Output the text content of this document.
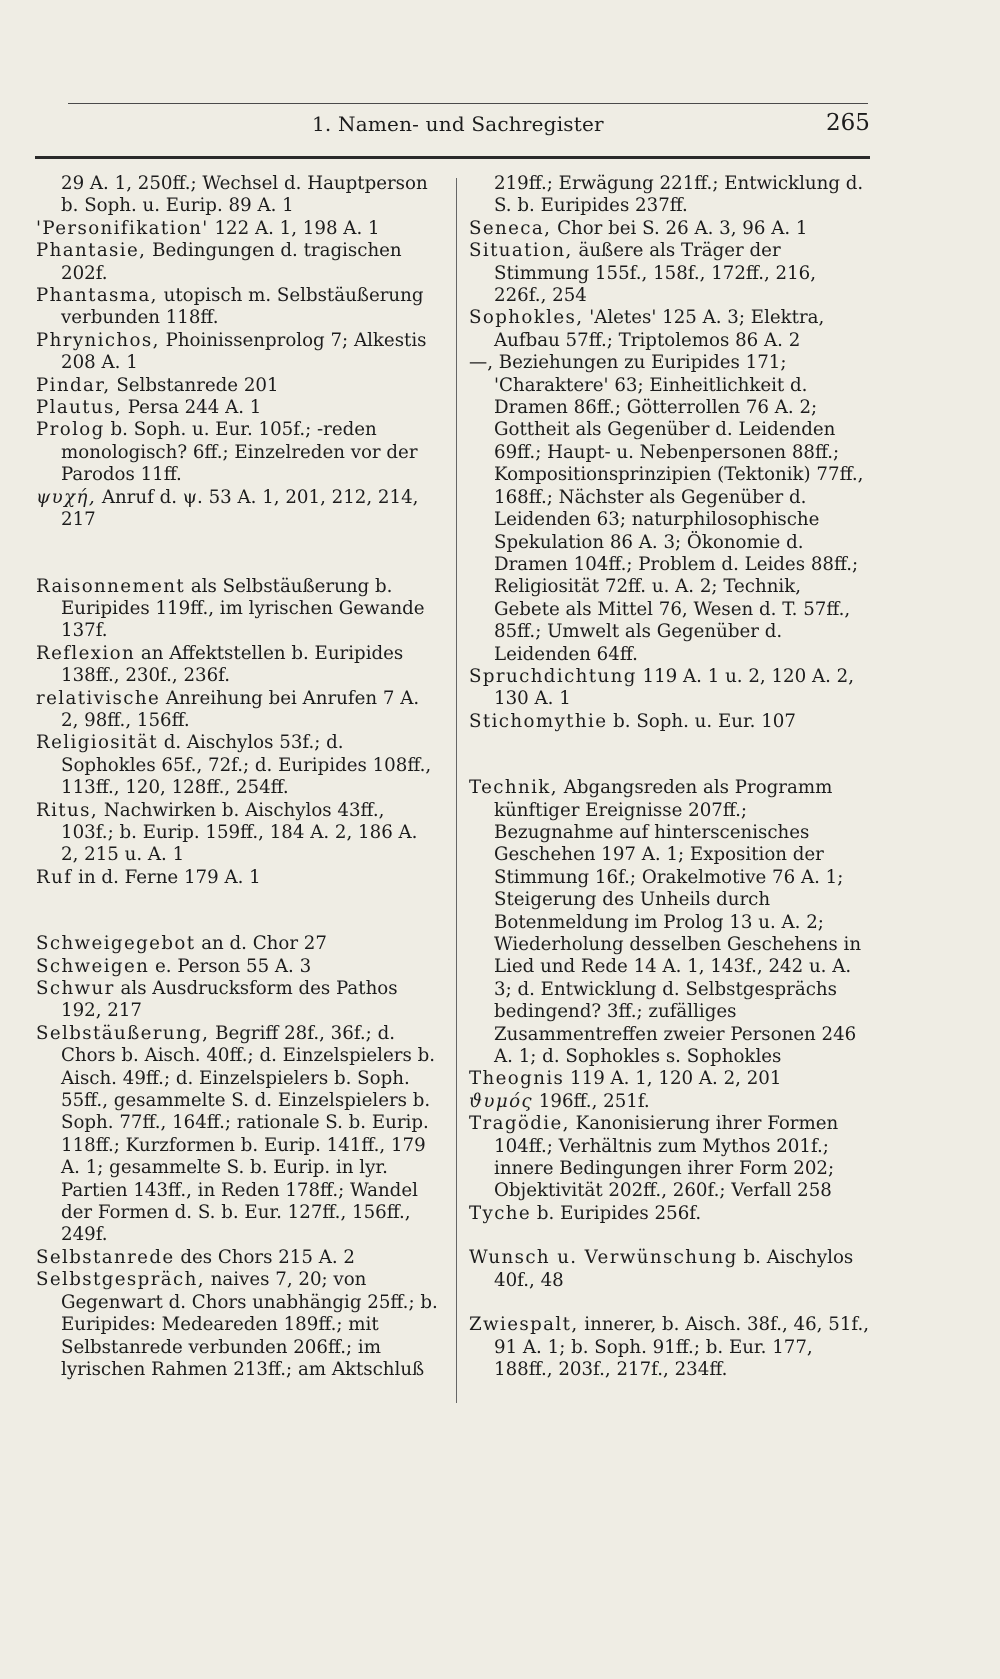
1. Namen- und Sachregister	265
29 A. 1, 250ff.; Wechsel d. Hauptperson b. Soph. u. Eurip. 89 A. 1
'Personifikation' 122 A. 1, 198 A. 1
Phantasie, Bedingungen d. tragischen 202f.
Phantasma, utopisch m. Selbstäußerung verbunden 118ff.
Phrynichos, Phoinissenprolog 7; Alkestis 208 A. 1
Pindar, Selbstanrede 201
Plautus, Persa 244 A. 1
Prolog b. Soph. u. Eur. 105f.; -reden monologisch? 6ff.; Einzelreden vor der Parodos 11ff.
ψυχή, Anruf d. ψ. 53 A. 1, 201, 212, 214, 217
Raisonnement als Selbstäußerung b. Euripides 119ff., im lyrischen Gewande 137f.
Reflexion an Affektstellen b. Euripides 138ff., 230f., 236f.
relativische Anreihung bei Anrufen 7 A. 2, 98ff., 156ff.
Religiosität d. Aischylos 53f.; d. Sophokles 65f., 72f.; d. Euripides 108ff., 113ff., 120, 128ff., 254ff.
Ritus, Nachwirken b. Aischylos 43ff., 103f.; b. Eurip. 159ff., 184 A. 2, 186 A. 2, 215 u. A. 1
Ruf in d. Ferne 179 A. 1
Schweigegebot an d. Chor 27
Schweigen e. Person 55 A. 3
Schwur als Ausdrucksform des Pathos 192, 217
Selbstäußerung, Begriff 28f., 36f.; d. Chors b. Aisch. 40ff.; d. Einzelspielers b. Aisch. 49ff.; d. Einzelspielers b. Soph. 55ff., gesammelte S. d. Einzelspielers b. Soph. 77ff., 164ff.; rationale S. b. Eurip. 118ff.; Kurzformen b. Eurip. 141ff., 179 A. 1; gesammelte S. b. Eurip. in lyr. Partien 143ff., in Reden 178ff.; Wandel der Formen d. S. b. Eur. 127ff., 156ff., 249f.
Selbstanrede des Chors 215 A. 2
Selbstgespräch, naives 7, 20; von Gegenwart d. Chors unabhängig 25ff.; b. Euripides: Medeareden 189ff.; mit Selbstanrede verbunden 206ff.; im lyrischen Rahmen 213ff.; am Aktschluß
219ff.; Erwägung 221ff.; Entwicklung d. S. b. Euripides 237ff.
Seneca, Chor bei S. 26 A. 3, 96 A. 1
Situation, äußere als Träger der Stimmung 155f., 158f., 172ff., 216, 226f., 254
Sophokles, 'Aletes' 125 A. 3; Elektra, Aufbau 57ff.; Triptolemos 86 A. 2
—, Beziehungen zu Euripides 171; 'Charaktere' 63; Einheitlichkeit d. Dramen 86ff.; Götterrollen 76 A. 2; Gottheit als Gegenüber d. Leidenden 69ff.; Haupt- u. Nebenpersonen 88ff.; Kompositionsprinzipien (Tektonik) 77ff., 168ff.; Nächster als Gegenüber d. Leidenden 63; naturphilosophische Spekulation 86 A. 3; Ökonomie d. Dramen 104ff.; Problem d. Leides 88ff.; Religiosität 72ff. u. A. 2; Technik, Gebete als Mittel 76, Wesen d. T. 57ff., 85ff.; Umwelt als Gegenüber d. Leidenden 64ff.
Spruchdichtung 119 A. 1 u. 2, 120 A. 2, 130 A. 1
Stichomythie b. Soph. u. Eur. 107
Technik, Abgangsreden als Programm künftiger Ereignisse 207ff.; Bezugnahme auf hinterscenisches Geschehen 197 A. 1; Exposition der Stimmung 16f.; Orakelmotive 76 A. 1; Steigerung des Unheils durch Botenmeldung im Prolog 13 u. A. 2; Wiederholung desselben Geschehens in Lied und Rede 14 A. 1, 143f., 242 u. A. 3; d. Entwicklung d. Selbstgesprächs bedingend? 3ff.; zufälliges Zusammentreffen zweier Personen 246 A. 1; d. Sophokles s. Sophokles
Theognis 119 A. 1, 120 A. 2, 201
ϑυμός 196ff., 251f.
Tragödie, Kanonisierung ihrer Formen 104ff.; Verhältnis zum Mythos 201f.; innere Bedingungen ihrer Form 202; Objektivität 202ff., 260f.; Verfall 258
Tyche b. Euripides 256f.
Wunsch u. Verwünschung b. Aischylos 40f., 48
Zwiespalt, innerer, b. Aisch. 38f., 46, 51f., 91 A. 1; b. Soph. 91ff.; b. Eur. 177, 188ff., 203f., 217f., 234ff.
